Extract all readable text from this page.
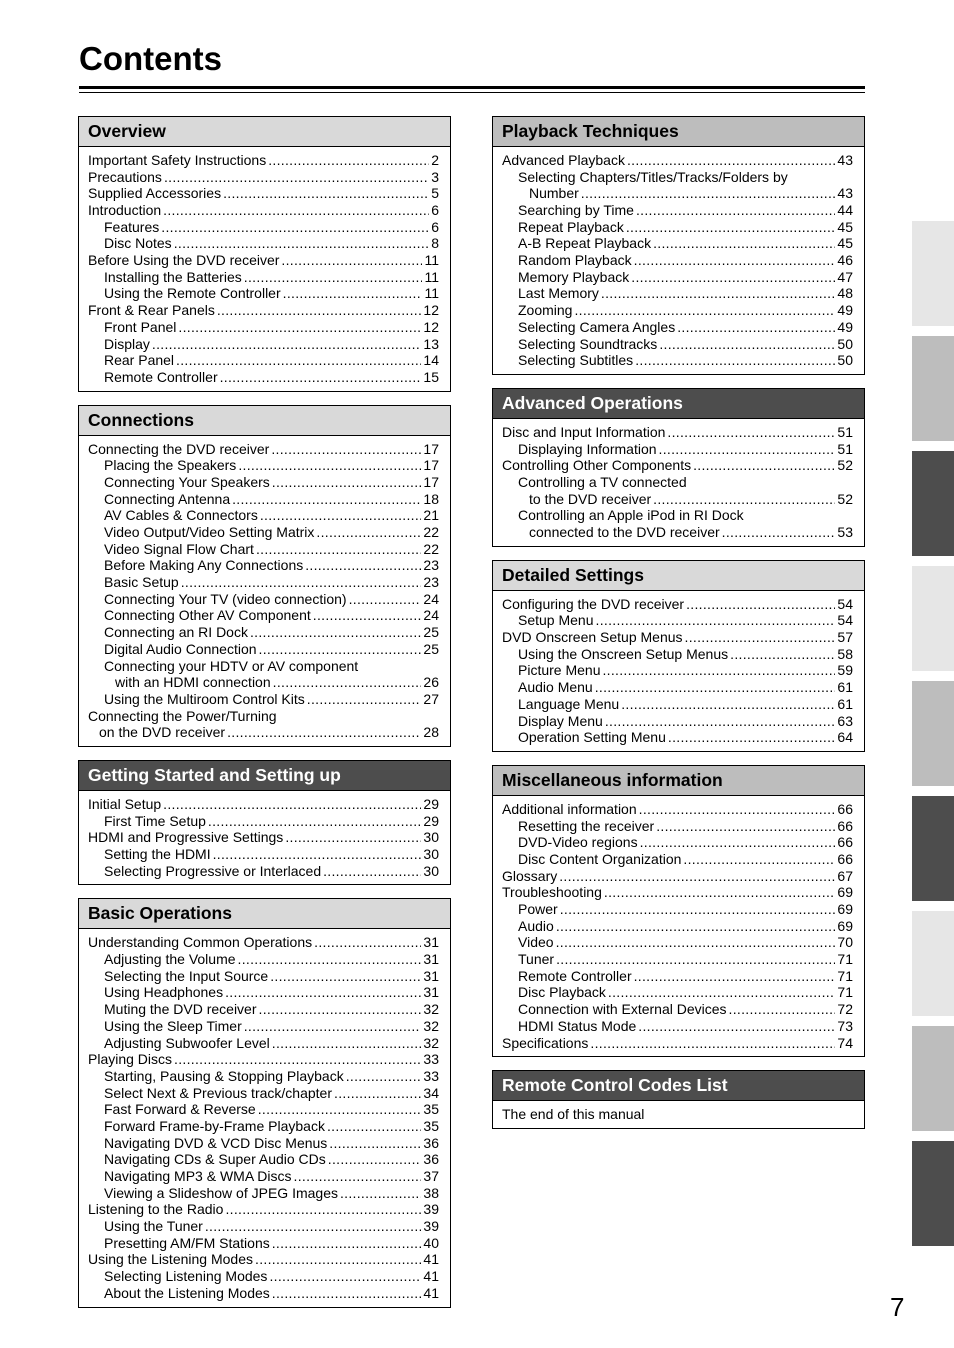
Contents
Overview
Important Safety Instructions .....	2
Precautions .....	3
Supplied Accessories .....	5
Introduction .....	6
Features .....	6
Disc Notes .....	8
Before Using the DVD receiver .....	11
Installing the Batteries .....	11
Using the Remote Controller .....	11
Front & Rear Panels .....	12
Front Panel .....	12
Display .....	13
Rear Panel .....	14
Remote Controller .....	15
Connections
Connecting the DVD receiver .....	17
Placing the Speakers .....	17
Connecting Your Speakers .....	17
Connecting Antenna .....	18
AV Cables & Connectors .....	21
Video Output/Video Setting Matrix .....	22
Video Signal Flow Chart .....	22
Before Making Any Connections .....	23
Basic Setup .....	23
Connecting Your TV (video connection) .....	24
Connecting Other AV Component .....	24
Connecting an RI Dock .....	25
Digital Audio Connection .....	25
Connecting your HDTV or AV component
with an HDMI connection .....	26
Using the Multiroom Control Kits .....	27
Connecting the Power/Turning
on the DVD receiver .....	28
Getting Started and Setting up
Initial Setup .....	29
First Time Setup .....	29
HDMI and Progressive Settings .....	30
Setting the HDMI .....	30
Selecting Progressive or Interlaced .....	30
Basic Operations
Understanding Common Operations .....	31
Adjusting the Volume .....	31
Selecting the Input Source .....	31
Using Headphones .....	31
Muting the DVD receiver .....	32
Using the Sleep Timer .....	32
Adjusting Subwoofer Level .....	32
Playing Discs .....	33
Starting, Pausing & Stopping Playback .....	33
Select Next & Previous track/chapter .....	34
Fast Forward & Reverse .....	35
Forward Frame-by-Frame Playback .....	35
Navigating DVD & VCD Disc Menus .....	36
Navigating CDs & Super Audio CDs .....	36
Navigating MP3 & WMA Discs .....	37
Viewing a Slideshow of JPEG Images .....	38
Listening to the Radio .....	39
Using the Tuner .....	39
Presetting AM/FM Stations .....	40
Using the Listening Modes .....	41
Selecting Listening Modes .....	41
About the Listening Modes .....	41
Playback Techniques
Advanced Playback .....	43
Selecting Chapters/Titles/Tracks/Folders by
Number .....	43
Searching by Time .....	44
Repeat Playback .....	45
A-B Repeat Playback .....	45
Random Playback .....	46
Memory Playback .....	47
Last Memory .....	48
Zooming .....	49
Selecting Camera Angles .....	49
Selecting Soundtracks .....	50
Selecting Subtitles .....	50
Advanced Operations
Disc and Input Information .....	51
Displaying Information .....	51
Controlling Other Components .....	52
Controlling a TV connected
to the DVD receiver .....	52
Controlling an Apple iPod in RI Dock
connected to the DVD receiver .....	53
Detailed Settings
Configuring the DVD receiver .....	54
Setup Menu .....	54
DVD Onscreen Setup Menus .....	57
Using the Onscreen Setup Menus .....	58
Picture Menu .....	59
Audio Menu .....	61
Language Menu .....	61
Display Menu .....	63
Operation Setting Menu .....	64
Miscellaneous information
Additional information .....	66
Resetting the receiver .....	66
DVD-Video regions .....	66
Disc Content Organization .....	66
Glossary .....	67
Troubleshooting .....	69
Power .....	69
Audio .....	69
Video .....	70
Tuner .....	71
Remote Controller .....	71
Disc Playback .....	71
Connection with External Devices .....	72
HDMI Status Mode .....	73
Specifications .....	74
Remote Control Codes List
The end of this manual
7
